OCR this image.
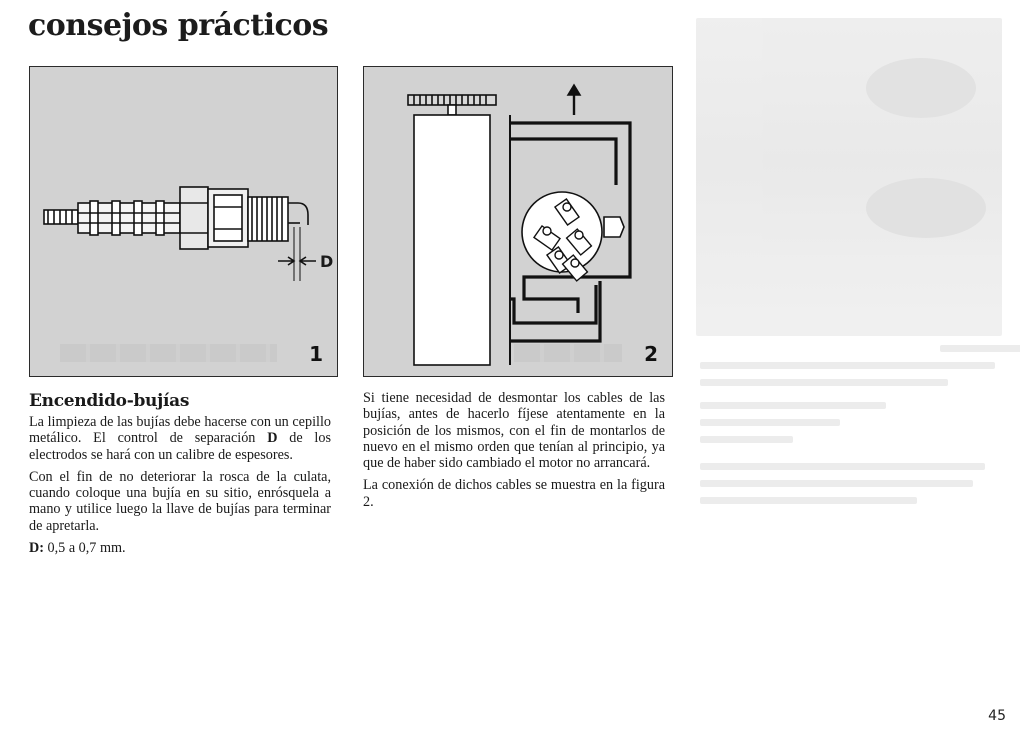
consejos prácticos
D
1	2
Encendido-bujías

La limpieza de las bujías debe hacerse con un cepillo metálico. El control de separación D de los electrodos se hará con un calibre de espesores.

Con el fin de no deteriorar la rosca de la culata, cuando coloque una bujía en su sitio, enrósquela a mano y utilice luego la llave de bujías para terminar de apretarla.

D: 0,5 a 0,7 mm.

Si tiene necesidad de desmontar los cables de las bujías, antes de hacerlo fíjese atentamente en la posición de los mismos, con el fin de montarlos de nuevo en el mismo orden que tenían al principio, ya que de haber sido cambiado el motor no arrancará.

La conexión de dichos cables se muestra en la figura 2.

45
